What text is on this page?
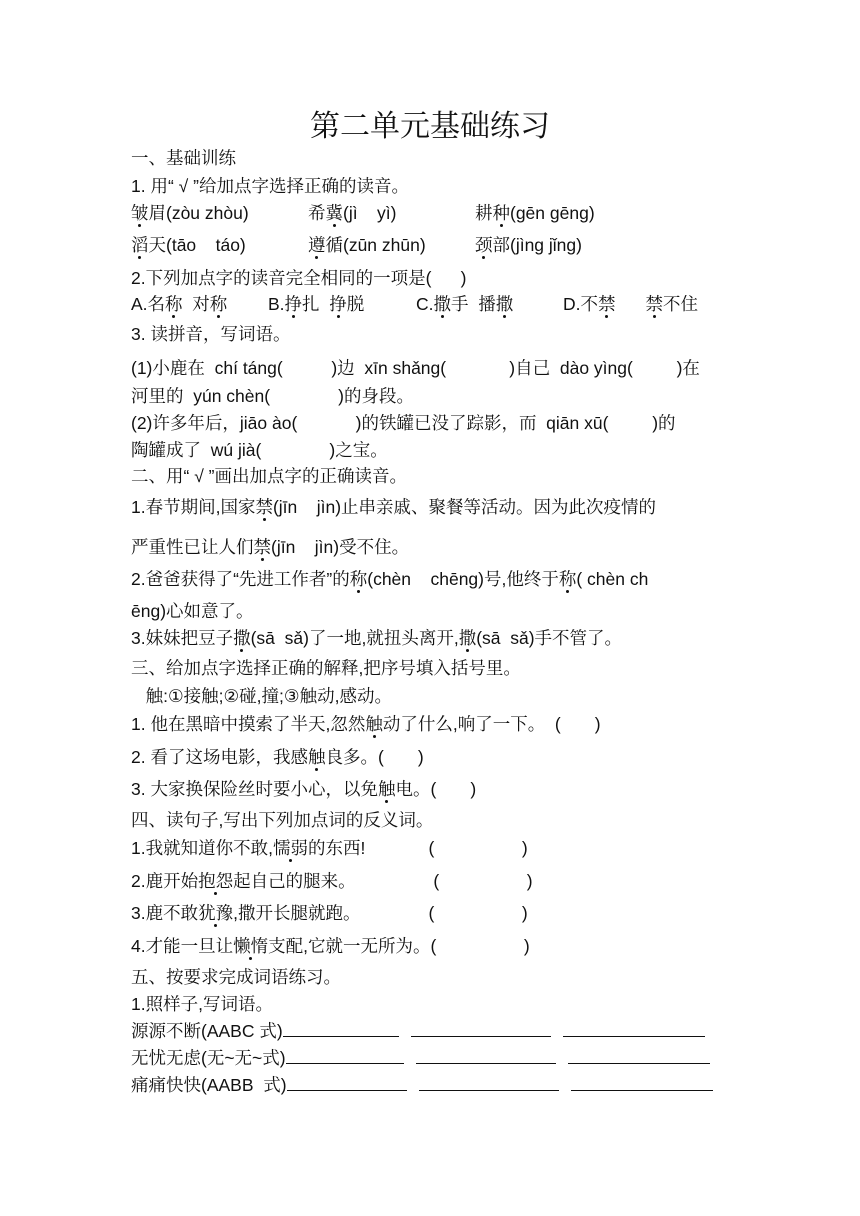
第二单元基础练习
一、基础训练
1. 用“ √ ”给加点字选择正确的读音。
皱眉(zòu zhòu)	希冀(jì    yì)	耕种(gēn gēng)
滔天(tāo    táo)	遵循(zūn zhūn)	颈部(jìng jǐng)
2.下列加点字的读音完全相同的一项是(      )
A.名称  对称 B.挣扎  挣脱	C.撒手  播撒	D.不禁 禁不住
3. 读拼音，写词语。
(1)小鹿在  chí táng(          )边  xīn shǎng(             )自己  dào yìng(         )在
河里的  yún chèn(              )的身段。
(2)许多年后，jiāo ào(            )的铁罐已没了踪影，而  qiān xū(         )的
陶罐成了  wú jià(              )之宝。
二、用“ √ ”画出加点字的正确读音。
1.春节期间,国家禁(jīn    jìn)止串亲戚、聚餐等活动。因为此次疫情的
严重性已让人们禁(jīn    jìn)受不住。
2.爸爸获得了“先进工作者”的称(chèn    chēng)号,他终于称( chèn ch
ēng)心如意了。
3.妹妹把豆子撒(sā  sǎ)了一地,就扭头离开,撒(sā  sǎ)手不管了。
三、给加点字选择正确的解释,把序号填入括号里。
触:①接触;②碰,撞;③触动,感动。
1. 他在黑暗中摸索了半天,忽然触动了什么,响了一下。  (       )
2. 看了这场电影，我感触良多。(       )
3. 大家换保险丝时要小心，以免触电。(       )
四、读句子,写出下列加点词的反义词。
1.我就知道你不敢,懦弱的东西!             (                  )
2.鹿开始抱怨起自己的腿来。                (                  )
3.鹿不敢犹豫,撒开长腿就跑。              (                  )
4.才能一旦让懒惰支配,它就一无所为。(                  )
五、按要求完成词语练习。
1.照样子,写词语。
源源不断(AABC 式)
无忧无虑(无~无~式)
痛痛快快(AABB  式)
